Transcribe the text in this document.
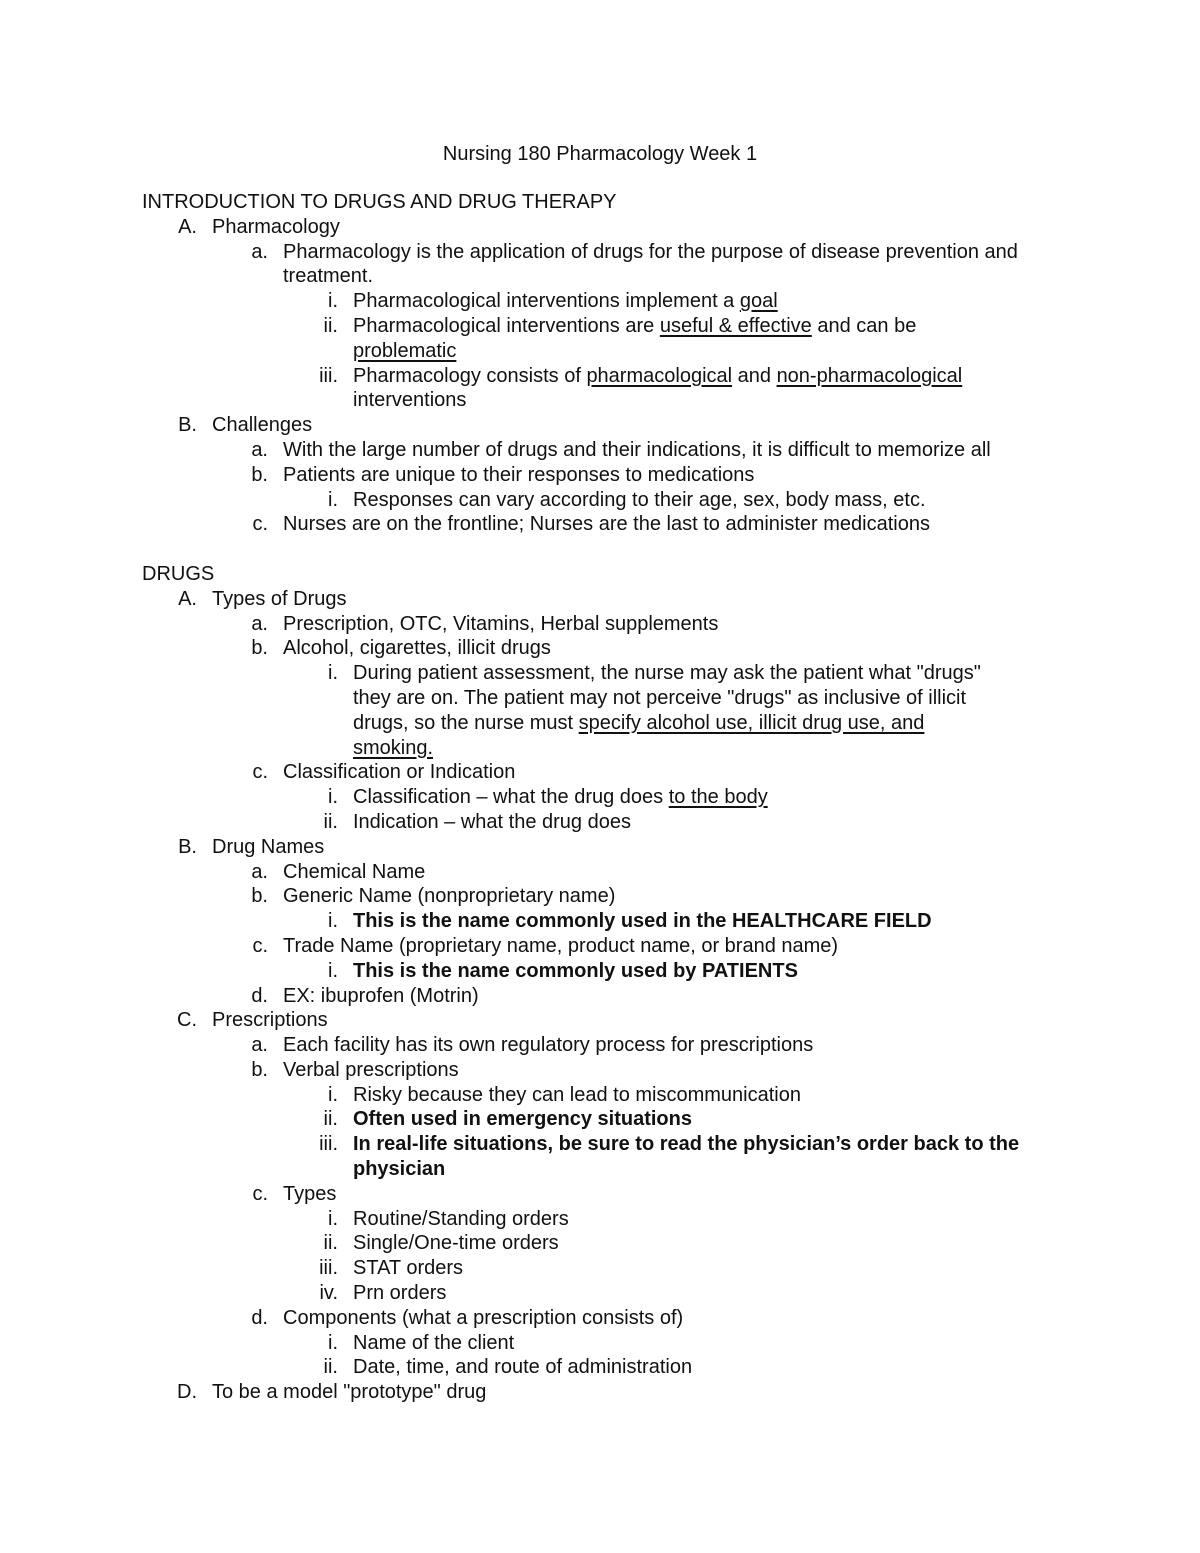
Nursing 180 Pharmacology Week 1

INTRODUCTION TO DRUGS AND DRUG THERAPY

A. Pharmacology
a. Pharmacology is the application of drugs for the purpose of disease prevention and treatment.
i. Pharmacological interventions implement a goal
ii. Pharmacological interventions are useful & effective and can be
problematic
iii. Pharmacology consists of pharmacological and non-pharmacological
interventions
B. Challenges
a. With the large number of drugs and their indications, it is difficult to memorize all
b. Patients are unique to their responses to medications
i. Responses can vary according to their age, sex, body mass, etc.
c. Nurses are on the frontline; Nurses are the last to administer medications

DRUGS

A. Types of Drugs
a. Prescription, OTC, Vitamins, Herbal supplements
b. Alcohol, cigarettes, illicit drugs
i. During patient assessment, the nurse may ask the patient what "drugs" they are on. The patient may not perceive "drugs" as inclusive of illicit drugs, so the nurse must specify alcohol use, illicit drug use, and smoking.
c. Classification or Indication
i. Classification – what the drug does to the body
ii. Indication – what the drug does
B. Drug Names
a. Chemical Name
b. Generic Name (nonproprietary name)
i. This is the name commonly used in the HEALTHCARE FIELD
c. Trade Name (proprietary name, product name, or brand name)
i. This is the name commonly used by PATIENTS
d. EX: ibuprofen (Motrin)
C. Prescriptions
a. Each facility has its own regulatory process for prescriptions
b. Verbal prescriptions
i. Risky because they can lead to miscommunication
ii. Often used in emergency situations
iii. In real-life situations, be sure to read the physician’s order back to the physician
c. Types
i. Routine/Standing orders
ii. Single/One-time orders
iii. STAT orders
iv. Prn orders
d. Components (what a prescription consists of)
i. Name of the client
ii. Date, time, and route of administration
D. To be a model "prototype" drug
